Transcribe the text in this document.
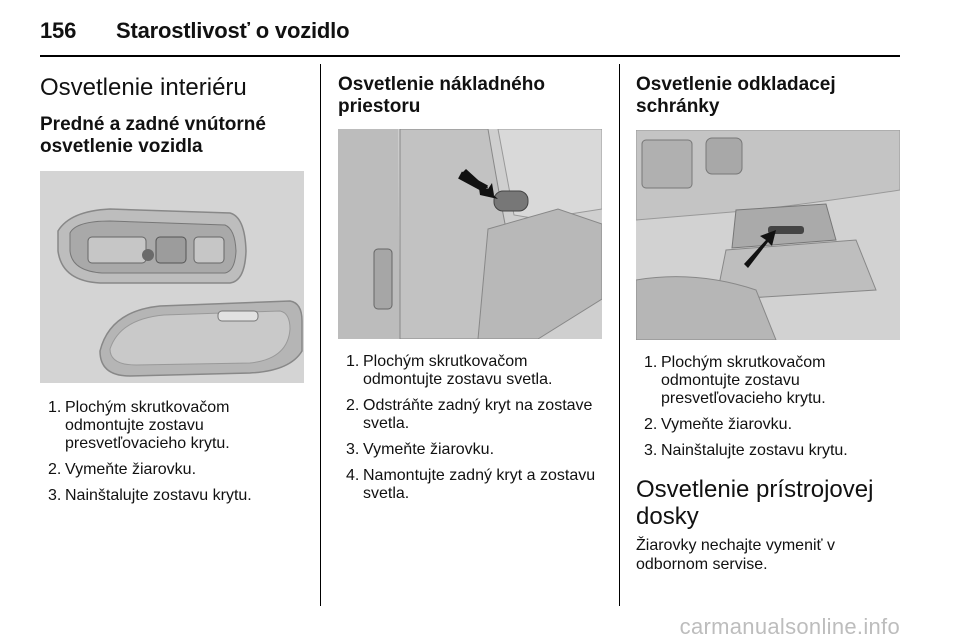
156 Starostlivosť o vozidlo
Osvetlenie interiéru
Predné a zadné vnútorné osvetlenie vozidla
1. Plochým skrutkovačom odmontujte zostavu presvetľovacieho krytu.
2. Vymeňte žiarovku.
3. Nainštalujte zostavu krytu.
Osvetlenie nákladného priestoru
1. Plochým skrutkovačom odmontujte zostavu svetla.
2. Odstráňte zadný kryt na zostave svetla.
3. Vymeňte žiarovku.
4. Namontujte zadný kryt a zostavu svetla.
Osvetlenie odkladacej schránky
1. Plochým skrutkovačom odmontujte zostavu presvetľovacieho krytu.
2. Vymeňte žiarovku.
3. Nainštalujte zostavu krytu.
Osvetlenie prístrojovej dosky

Žiarovky nechajte vymeniť v odbornom servise.

carmanualsonline.info
